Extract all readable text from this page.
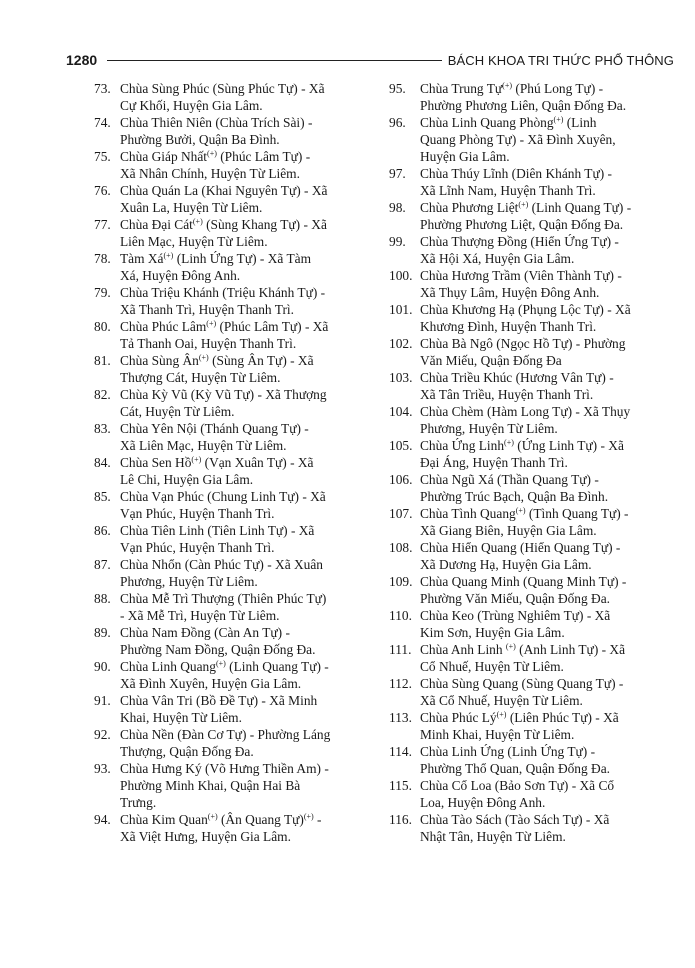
1280	BÁCH KHOA TRI THỨC PHỔ THÔNG
73. Chùa Sùng Phúc (Sùng Phúc Tự) - Xã
Cự Khối, Huyện Gia Lâm.
74. Chùa Thiên Niên (Chùa Trích Sài) -
Phường Bưởi, Quận Ba Đình.
75. Chùa Giáp Nhất(+) (Phúc Lâm Tự) -
Xã Nhân Chính, Huyện Từ Liêm.
76. Chùa Quán La (Khai Nguyên Tự) - Xã
Xuân La, Huyện Từ Liêm.
77. Chùa Đại Cát(+) (Sùng Khang Tự) - Xã
Liên Mạc, Huyện Từ Liêm.
78. Tàm Xá(+) (Linh Ứng Tự) - Xã Tàm
Xá, Huyện Đông Anh.
79. Chùa Triệu Khánh (Triệu Khánh Tự) -
Xã Thanh Trì, Huyện Thanh Trì.
80. Chùa Phúc Lâm(+) (Phúc Lâm Tự) - Xã
Tả Thanh Oai, Huyện Thanh Trì.
81. Chùa Sùng Ân(+) (Sùng Ân Tự) - Xã
Thượng Cát, Huyện Từ Liêm.
82. Chùa Kỳ Vũ (Kỳ Vũ Tự) - Xã Thượng
Cát, Huyện Từ Liêm.
83. Chùa Yên Nội (Thánh Quang Tự) -
Xã Liên Mạc, Huyện Từ Liêm.
84. Chùa Sen Hồ(+) (Vạn Xuân Tự) - Xã
Lê Chi, Huyện Gia Lâm.
85. Chùa Vạn Phúc (Chung Linh Tự) - Xã
Vạn Phúc, Huyện Thanh Trì.
86. Chùa Tiên Linh (Tiên Linh Tự) - Xã
Vạn Phúc, Huyện Thanh Trì.
87. Chùa Nhổn (Càn Phúc Tự) - Xã Xuân
Phương, Huyện Từ Liêm.
88. Chùa Mễ Trì Thượng (Thiên Phúc Tự)
- Xã Mễ Trì, Huyện Từ Liêm.
89. Chùa Nam Đồng (Càn An Tự) -
Phường Nam Đồng, Quận Đống Đa.
90. Chùa Linh Quang(+) (Linh Quang Tự) -
Xã Đình Xuyên, Huyện Gia Lâm.
91. Chùa Vân Tri (Bồ Đề Tự) - Xã Minh
Khai, Huyện Từ Liêm.
92. Chùa Nền (Đàn Cơ Tự) - Phường Láng
Thượng, Quận Đống Đa.
93. Chùa Hưng Ký (Võ Hưng Thiền Am) -
Phường Minh Khai, Quận Hai Bà
Trưng.
94. Chùa Kim Quan(+) (Ân Quang Tự)(+) -
Xã Việt Hưng, Huyện Gia Lâm.
95.	Chùa Trung Tự(+) (Phú Long Tự) -
Phường Phương Liên, Quận Đống Đa.
96.	Chùa Linh Quang Phòng(+) (Linh
Quang Phòng Tự) - Xã Đình Xuyên,
Huyện Gia Lâm.
97.	Chùa Thúy Lĩnh (Diên Khánh Tự) -
Xã Lĩnh Nam, Huyện Thanh Trì.
98.	Chùa Phương Liệt(+) (Linh Quang Tự) -
Phường Phương Liệt, Quận Đống Đa.
99.	Chùa Thượng Đồng (Hiển Ứng Tự) -
Xã Hội Xá, Huyện Gia Lâm.
100. Chùa Hương Trầm (Viên Thành Tự) -
Xã Thụy Lâm, Huyện Đông Anh.
101. Chùa Khương Hạ (Phụng Lộc Tự) - Xã
Khương Đình, Huyện Thanh Trì.
102. Chùa Bà Ngô (Ngọc Hồ Tự) - Phường
Văn Miếu, Quận Đống Đa
103. Chùa Triều Khúc (Hương Vân Tự) -
Xã Tân Triều, Huyện Thanh Trì.
104. Chùa Chèm (Hàm Long Tự) - Xã Thụy
Phương, Huyện Từ Liêm.
105. Chùa Ứng Linh(+) (Ứng Linh Tự) - Xã
Đại Áng, Huyện Thanh Trì.
106. Chùa Ngũ Xá (Thần Quang Tự) -
Phường Trúc Bạch, Quận Ba Đình.
107. Chùa Tình Quang(+) (Tình Quang Tự) -
Xã Giang Biên, Huyện Gia Lâm.
108. Chùa Hiển Quang (Hiển Quang Tự) -
Xã Dương Hạ, Huyện Gia Lâm.
109. Chùa Quang Minh (Quang Minh Tự) -
Phường Văn Miếu, Quận Đống Đa.
110. Chùa Keo (Trùng Nghiêm Tự) - Xã
Kim Sơn, Huyện Gia Lâm.
111. Chùa Anh Linh (+) (Anh Linh Tự) - Xã
Cổ Nhuế, Huyện Từ Liêm.
112. Chùa Sùng Quang (Sùng Quang Tự) -
Xã Cổ Nhuế, Huyện Từ Liêm.
113. Chùa Phúc Lý(+) (Liên Phúc Tự) - Xã
Minh Khai, Huyện Từ Liêm.
114. Chùa Linh Ứng (Linh Ứng Tự) -
Phường Thổ Quan, Quận Đống Đa.
115. Chùa Cổ Loa (Bảo Sơn Tự) - Xã Cổ
Loa, Huyện Đông Anh.
116. Chùa Tào Sách (Tào Sách Tự) - Xã
Nhật Tân, Huyện Từ Liêm.
